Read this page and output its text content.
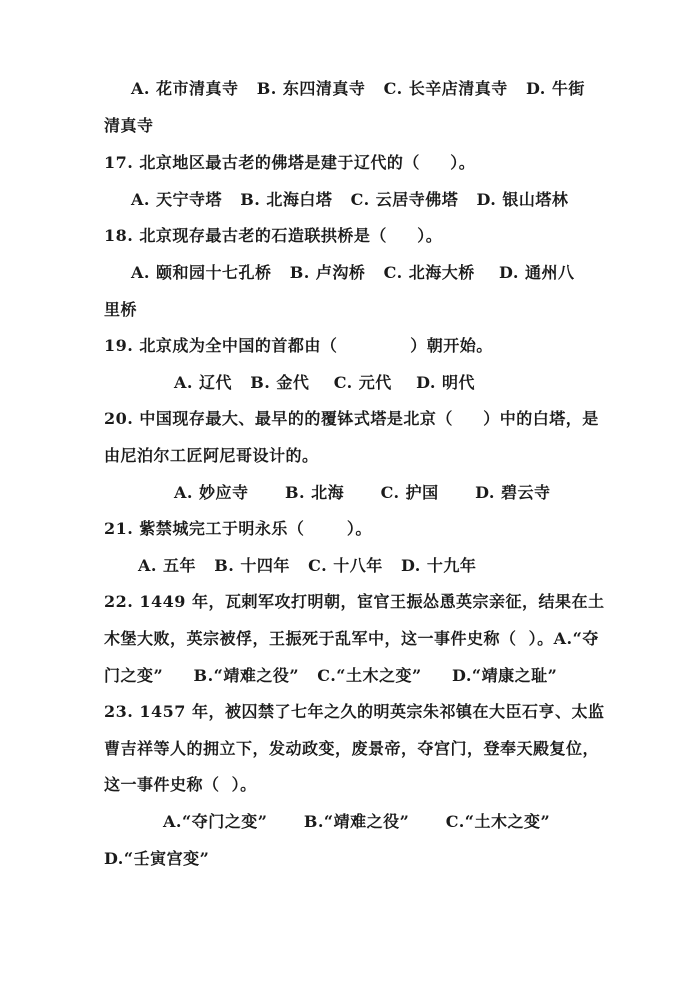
A. 花市清真寺   B. 东四清真寺   C. 长辛店清真寺   D. 牛街
清真寺
17. 北京地区最古老的佛塔是建于辽代的（     ）。
A. 天宁寺塔   B. 北海白塔   C. 云居寺佛塔   D. 银山塔林
18. 北京现存最古老的石造联拱桥是（     ）。
A. 颐和园十七孔桥   B. 卢沟桥   C. 北海大桥    D. 通州八
里桥
19. 北京成为全中国的首都由（            ）朝开始。
A. 辽代   B. 金代    C. 元代    D. 明代
20. 中国现存最大、最早的的覆钵式塔是北京（     ）中的白塔，是
由尼泊尔工匠阿尼哥设计的。
A. 妙应寺      B. 北海      C. 护国      D. 碧云寺
21. 紫禁城完工于明永乐（       ）。
A. 五年   B. 十四年   C. 十八年   D. 十九年
22. 1449 年，瓦剌军攻打明朝，宦官王振怂恿英宗亲征，结果在土
木堡大败，英宗被俘，王振死于乱军中，这一事件史称（  ）。A.“夺
门之变”     B.“靖难之役”   C.“土木之变”     D.“靖康之耻”
23. 1457 年，被囚禁了七年之久的明英宗朱祁镇在大臣石亨、太监
曹吉祥等人的拥立下，发动政变，废景帝，夺宫门，登奉天殿复位，
这一事件史称（  ）。
A.“夺门之变”      B.“靖难之役”      C.“土木之变”
D.“壬寅宫变”
